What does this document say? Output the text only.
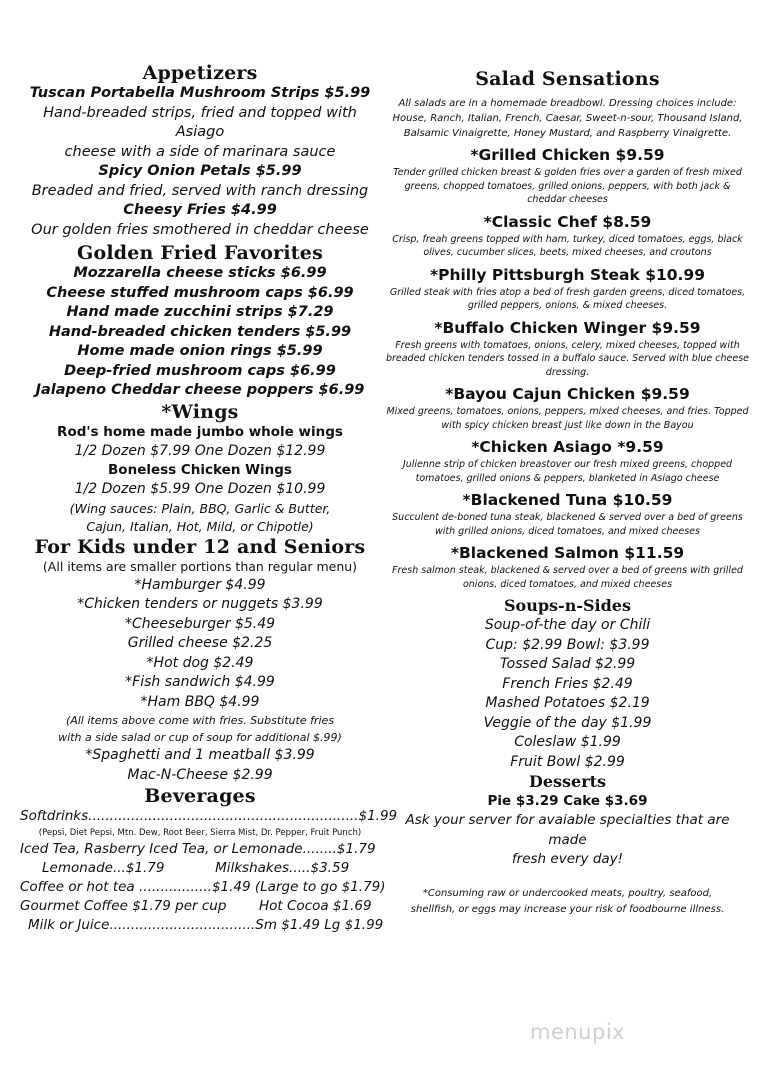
Appetizers

Tuscan Portabella Mushroom Strips $5.99

Hand-breaded strips, fried and topped with Asiago

cheese with a side of marinara sauce

Spicy Onion Petals $5.99

Breaded and fried, served with ranch dressing

Cheesy Fries $4.99

Our golden fries smothered in cheddar cheese

Golden Fried Favorites

Mozzarella cheese sticks $6.99

Cheese stuffed mushroom caps $6.99

Hand made zucchini strips $7.29

Hand-breaded chicken tenders $5.99

Home made onion rings $5.99

Deep-fried mushroom caps $6.99

Jalapeno Cheddar cheese poppers $6.99

*Wings

Rod's home made jumbo whole wings

1/2 Dozen $7.99 One Dozen $12.99

Boneless Chicken Wings

1/2 Dozen $5.99 One Dozen $10.99

(Wing sauces: Plain, BBQ, Garlic & Butter,

Cajun, Italian, Hot, Mild, or Chipotle)

For Kids under 12 and Seniors

(All items are smaller portions than regular menu)

*Hamburger $4.99

*Chicken tenders or nuggets $3.99

*Cheeseburger $5.49

Grilled cheese $2.25

*Hot dog $2.49

*Fish sandwich $4.99

*Ham BBQ $4.99

(All items above come with fries. Substitute fries

with a side salad or cup of soup for additional $.99)

*Spaghetti and 1 meatball $3.99

Mac-N-Cheese $2.99

Beverages

Softdrinks...............................................................$1.99

(Pepsi, Diet Pepsi, Mtn. Dew, Root Beer, Sierra Mist, Dr. Pepper, Fruit Punch)

Iced Tea, Rasberry Iced Tea, or Lemonade........$1.79

Lemonade...$1.79	Milkshakes.....$3.59

Coffee or hot tea .................$1.49 (Large to go $1.79)

Gourmet Coffee $1.79 per cup Hot Cocoa $1.69

Milk or Juice..................................Sm $1.49 Lg $1.99

Salad Sensations

All salads are in a homemade breadbowl. Dressing choices include:

House, Ranch, Italian, French, Caesar, Sweet-n-sour, Thousand Island,

Balsamic Vinaigrette, Honey Mustard, and Raspberry Vinaigrette.

*Grilled Chicken $9.59

Tender grilled chicken breast & golden fries over a garden of fresh mixed greens, chopped tomatoes, grilled onions, peppers, with both jack & cheddar cheeses

*Classic Chef $8.59

Crisp, freah greens topped with ham, turkey, diced tomatoes, eggs, black olives, cucumber slices, beets, mixed cheeses, and croutons

*Philly Pittsburgh Steak $10.99

Grilled steak with fries atop a bed of fresh garden greens, diced tomatoes, grilled peppers, onions, & mixed cheeses.

*Buffalo Chicken Winger $9.59

Fresh greens with tomatoes, onions, celery, mixed cheeses, topped with breaded chicken tenders tossed in a buffalo sauce. Served with blue cheese dressing.

*Bayou Cajun Chicken $9.59

Mixed greens, tomatoes, onions, peppers, mixed cheeses, and fries. Topped with spicy chicken breast just like down in the Bayou

*Chicken Asiago *9.59

Julienne strip of chicken breastover our fresh mixed greens, chopped tomatoes, grilled onions & peppers, blanketed in Asiago cheese

*Blackened Tuna $10.59

Succulent de-boned tuna steak, blackened & served over a bed of greens with grilled onions, diced tomatoes, and mixed cheeses

*Blackened Salmon $11.59

Fresh salmon steak, blackened & served over a bed of greens with grilled onions, diced tomatoes, and mixed cheeses

Soups-n-Sides

Soup-of-the day or Chili

Cup: $2.99 Bowl: $3.99

Tossed Salad $2.99

French Fries $2.49

Mashed Potatoes $2.19

Veggie of the day $1.99

Coleslaw $1.99

Fruit Bowl $2.99

Desserts

Pie $3.29 Cake $3.69

Ask your server for avaiable specialties that are made

fresh every day!

*Consuming raw or undercooked meats, poultry, seafood,

shellfish, or eggs may increase your risk of foodbourne illness.

menupix
